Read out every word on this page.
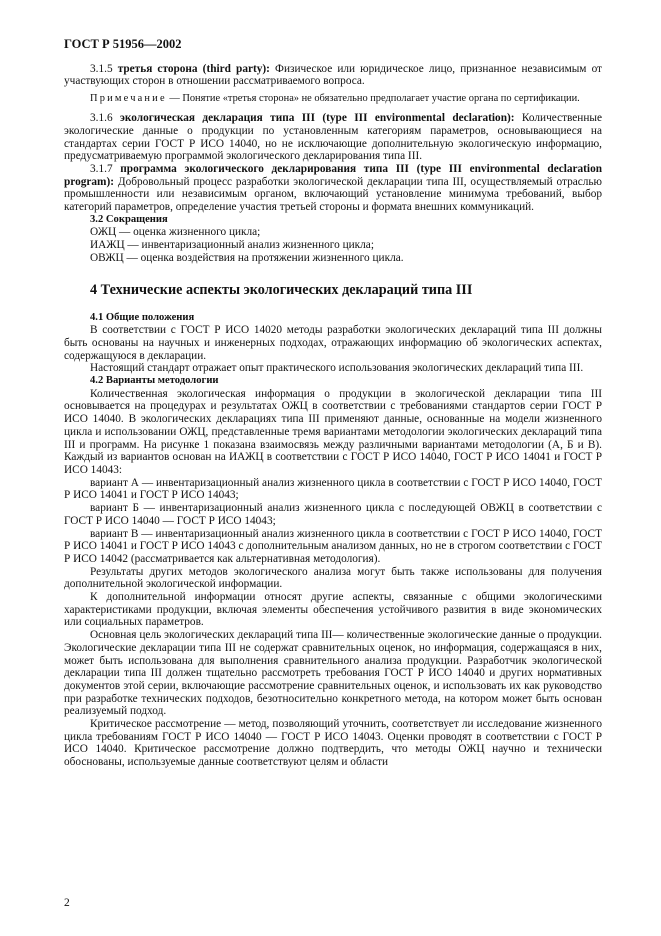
ГОСТ Р 51956—2002

3.1.5 третья сторона (third party): Физическое или юридическое лицо, признанное независимым от участвующих сторон в отношении рассматриваемого вопроса.

Примечание — Понятие «третья сторона» не обязательно предполагает участие органа по сертификации.

3.1.6 экологическая декларация типа III (type III environmental declaration): Количественные экологические данные о продукции по установленным категориям параметров, основывающиеся на стандартах серии ГОСТ Р ИСО 14040, но не исключающие дополнительную экологическую информацию, предусматриваемую программой экологического декларирования типа III.

3.1.7 программа экологического декларирования типа III (type III environmental declaration program): Добровольный процесс разработки экологической декларации типа III, осуществляемый отраслью промышленности или независимым органом, включающий установление минимума требований, выбор категорий параметров, определение участия третьей стороны и формата внешних коммуникаций.

3.2 Сокращения
ОЖЦ — оценка жизненного цикла;
ИАЖЦ — инвентаризационный анализ жизненного цикла;
ОВЖЦ — оценка воздействия на протяжении жизненного цикла.
4 Технические аспекты экологических деклараций типа III
4.1 Общие положения

В соответствии с ГОСТ Р ИСО 14020 методы разработки экологических деклараций типа III должны быть основаны на научных и инженерных подходах, отражающих информацию об экологических аспектах, содержащуюся в декларации.

Настоящий стандарт отражает опыт практического использования экологических деклараций типа III.

4.2 Варианты методологии

Количественная экологическая информация о продукции в экологической декларации типа III основывается на процедурах и результатах ОЖЦ в соответствии с требованиями стандартов серии ГОСТ Р ИСО 14040. В экологических декларациях типа III применяют данные, основанные на модели жизненного цикла и использовании ОЖЦ, представленные тремя вариантами методологии экологических деклараций типа III и программ. На рисунке 1 показана взаимосвязь между различными вариантами методологии (А, Б и В). Каждый из вариантов основан на ИАЖЦ в соответствии с ГОСТ Р ИСО 14040, ГОСТ Р ИСО 14041 и ГОСТ Р ИСО 14043:

вариант А — инвентаризационный анализ жизненного цикла в соответствии с ГОСТ Р ИСО 14040, ГОСТ Р ИСО 14041 и ГОСТ Р ИСО 14043;

вариант Б — инвентаризационный анализ жизненного цикла с последующей ОВЖЦ в соответствии с ГОСТ Р ИСО 14040 — ГОСТ Р ИСО 14043;

вариант В — инвентаризационный анализ жизненного цикла в соответствии с ГОСТ Р ИСО 14040, ГОСТ Р ИСО 14041 и ГОСТ Р ИСО 14043 с дополнительным анализом данных, но не в строгом соответствии с ГОСТ Р ИСО 14042 (рассматривается как альтернативная методология).

Результаты других методов экологического анализа могут быть также использованы для получения дополнительной экологической информации.

К дополнительной информации относят другие аспекты, связанные с общими экологическими характеристиками продукции, включая элементы обеспечения устойчивого развития в виде экономических или социальных параметров.

Основная цель экологических деклараций типа III— количественные экологические данные о продукции. Экологические декларации типа III не содержат сравнительных оценок, но информация, содержащаяся в них, может быть использована для выполнения сравнительного анализа продукции. Разработчик экологической декларации типа III должен тщательно рассмотреть требования ГОСТ Р ИСО 14040 и других нормативных документов этой серии, включающие рассмотрение сравнительных оценок, и использовать их как руководство при разработке технических подходов, безотносительно конкретного метода, на котором может быть основан реализуемый подход.

Критическое рассмотрение — метод, позволяющий уточнить, соответствует ли исследование жизненного цикла требованиям ГОСТ Р ИСО 14040 — ГОСТ Р ИСО 14043. Оценки проводят в соответствии с ГОСТ Р ИСО 14040. Критическое рассмотрение должно подтвердить, что методы ОЖЦ научно и технически обоснованы, используемые данные соответствуют целям и области

2
